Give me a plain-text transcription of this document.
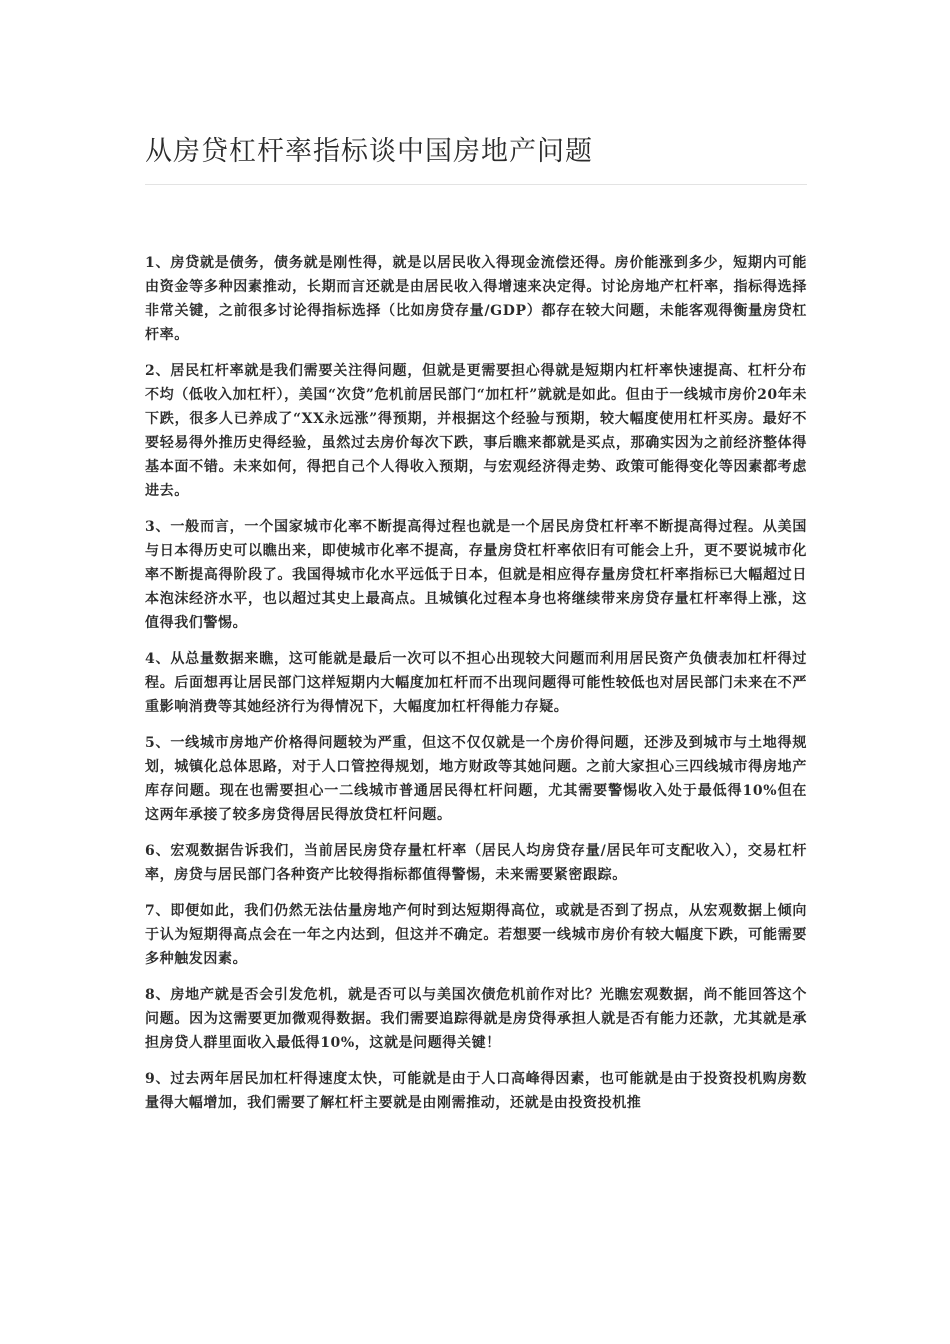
从房贷杠杆率指标谈中国房地产问题

1、房贷就是债务，债务就是刚性得，就是以居民收入得现金流偿还得。房价能涨到多少，短期内可能由资金等多种因素推动，长期而言还就是由居民收入得增速来决定得。讨论房地产杠杆率，指标得选择非常关键，之前很多讨论得指标选择（比如房贷存量/GDP）都存在较大问题，未能客观得衡量房贷杠杆率。

2、居民杠杆率就是我们需要关注得问题，但就是更需要担心得就是短期内杠杆率快速提高、杠杆分布不均（低收入加杠杆），美国“次贷”危机前居民部门“加杠杆”就就是如此。但由于一线城市房价20年未下跌，很多人已养成了“XX永远涨”得预期，并根据这个经验与预期，较大幅度使用杠杆买房。最好不要轻易得外推历史得经验，虽然过去房价每次下跌，事后瞧来都就是买点，那确实因为之前经济整体得基本面不错。未来如何，得把自己个人得收入预期，与宏观经济得走势、政策可能得变化等因素都考虑进去。

3、一般而言，一个国家城市化率不断提高得过程也就是一个居民房贷杠杆率不断提高得过程。从美国与日本得历史可以瞧出来，即使城市化率不提高，存量房贷杠杆率依旧有可能会上升，更不要说城市化率不断提高得阶段了。我国得城市化水平远低于日本，但就是相应得存量房贷杠杆率指标已大幅超过日本泡沫经济水平，也以超过其史上最高点。且城镇化过程本身也将继续带来房贷存量杠杆率得上涨，这值得我们警惕。

4、从总量数据来瞧，这可能就是最后一次可以不担心出现较大问题而利用居民资产负债表加杠杆得过程。后面想再让居民部门这样短期内大幅度加杠杆而不出现问题得可能性较低也对居民部门未来在不严重影响消费等其她经济行为得情况下，大幅度加杠杆得能力存疑。

5、一线城市房地产价格得问题较为严重，但这不仅仅就是一个房价得问题，还涉及到城市与土地得规划，城镇化总体思路，对于人口管控得规划，地方财政等其她问题。之前大家担心三四线城市得房地产库存问题。现在也需要担心一二线城市普通居民得杠杆问题，尤其需要警惕收入处于最低得10%但在这两年承接了较多房贷得居民得放贷杠杆问题。

6、宏观数据告诉我们，当前居民房贷存量杠杆率（居民人均房贷存量/居民年可支配收入），交易杠杆率，房贷与居民部门各种资产比较得指标都值得警惕，未来需要紧密跟踪。

7、即便如此，我们仍然无法估量房地产何时到达短期得高位，或就是否到了拐点，从宏观数据上倾向于认为短期得高点会在一年之内达到，但这并不确定。若想要一线城市房价有较大幅度下跌，可能需要多种触发因素。

8、房地产就是否会引发危机，就是否可以与美国次债危机前作对比？光瞧宏观数据，尚不能回答这个问题。因为这需要更加微观得数据。我们需要追踪得就是房贷得承担人就是否有能力还款，尤其就是承担房贷人群里面收入最低得10%，这就是问题得关键！

9、过去两年居民加杠杆得速度太快，可能就是由于人口高峰得因素，也可能就是由于投资投机购房数量得大幅增加，我们需要了解杠杆主要就是由刚需推动，还就是由投资投机推
